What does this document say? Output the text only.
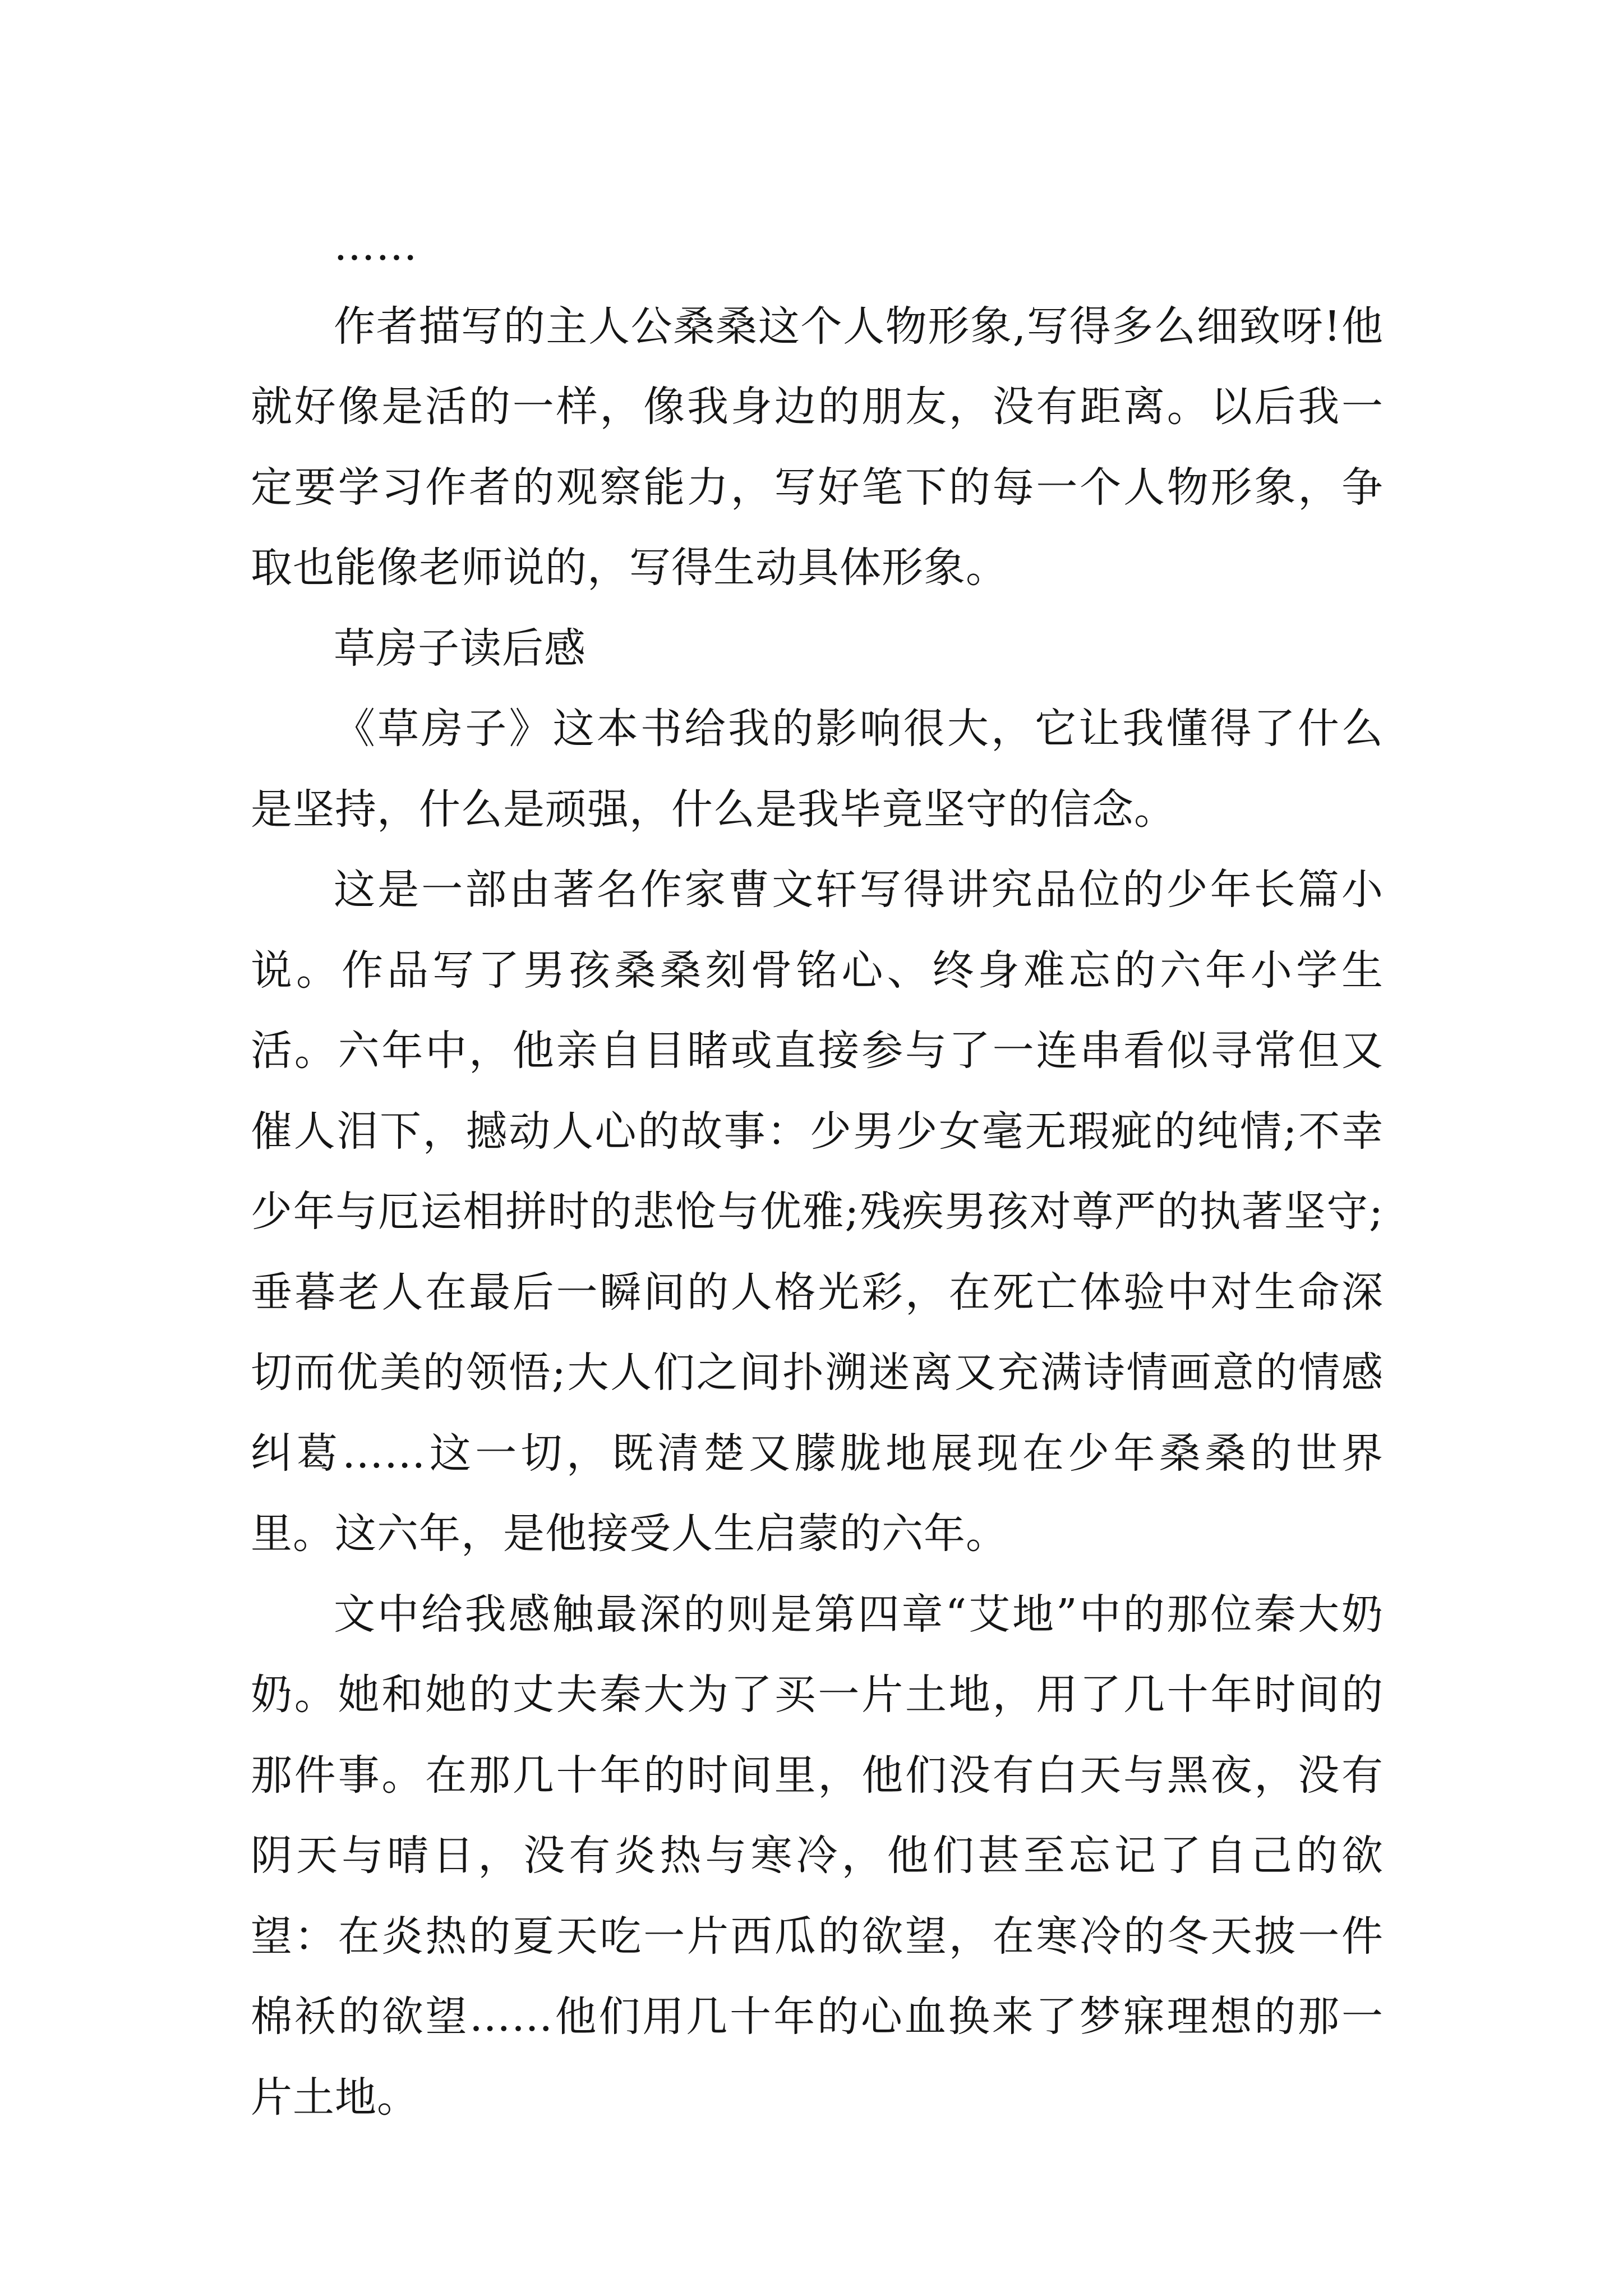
……

作者描写的主人公桑桑这个人物形象,写得多么细致呀!他就好像是活的一样，像我身边的朋友，没有距离。以后我一定要学习作者的观察能力，写好笔下的每一个人物形象，争取也能像老师说的，写得生动具体形象。

草房子读后感

《草房子》这本书给我的影响很大，它让我懂得了什么是坚持，什么是顽强，什么是我毕竟坚守的信念。

这是一部由著名作家曹文轩写得讲究品位的少年长篇小说。作品写了男孩桑桑刻骨铭心、终身难忘的六年小学生活。六年中，他亲自目睹或直接参与了一连串看似寻常但又催人泪下，撼动人心的故事：少男少女毫无瑕疵的纯情;不幸少年与厄运相拼时的悲怆与优雅;残疾男孩对尊严的执著坚守;垂暮老人在最后一瞬间的人格光彩，在死亡体验中对生命深切而优美的领悟;大人们之间扑溯迷离又充满诗情画意的情感纠葛……这一切，既清楚又朦胧地展现在少年桑桑的世界里。这六年，是他接受人生启蒙的六年。

文中给我感触最深的则是第四章“艾地”中的那位秦大奶奶。她和她的丈夫秦大为了买一片土地，用了几十年时间的那件事。在那几十年的时间里，他们没有白天与黑夜，没有阴天与晴日，没有炎热与寒冷，他们甚至忘记了自己的欲望：在炎热的夏天吃一片西瓜的欲望，在寒冷的冬天披一件棉袄的欲望……他们用几十年的心血换来了梦寐理想的那一片土地。
